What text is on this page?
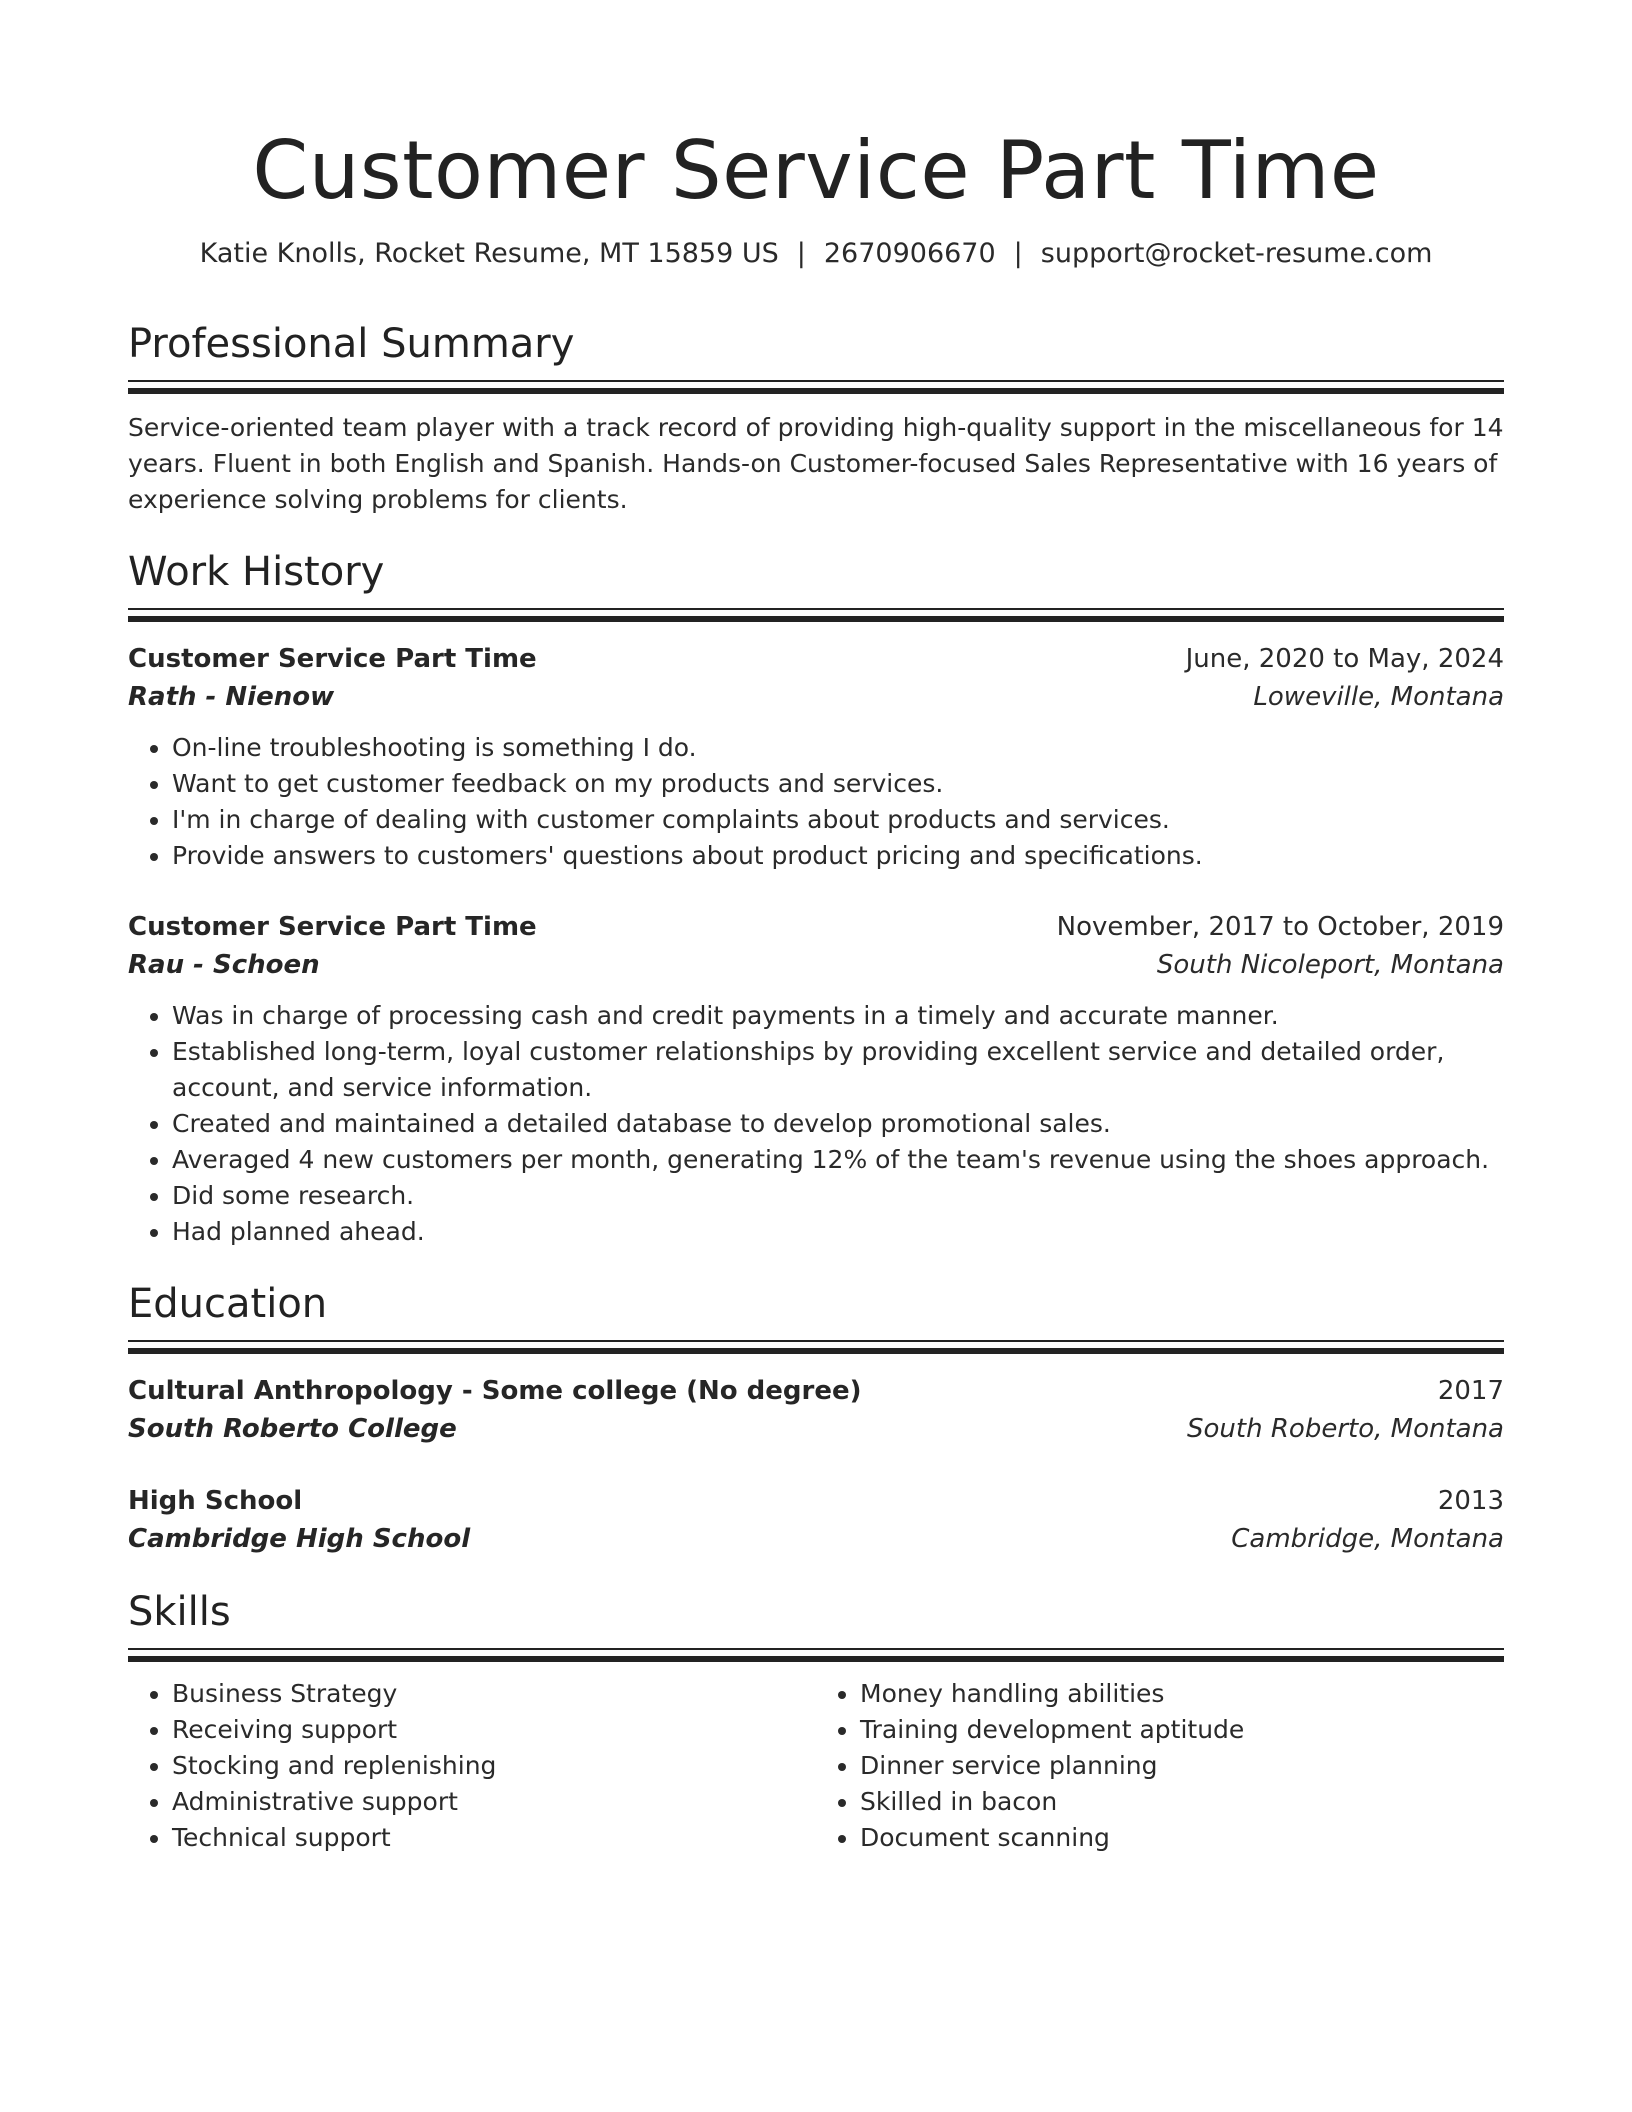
Customer Service Part Time
Katie Knolls, Rocket Resume, MT 15859 US | 2670906670 | support@rocket-resume.com
Professional Summary
Service-oriented team player with a track record of providing high-quality support in the miscellaneous for 14 years. Fluent in both English and Spanish. Hands-on Customer-focused Sales Representative with 16 years of experience solving problems for clients.
Work History
Customer Service Part Time	June, 2020 to May, 2024
Rath - Nienow	Loweville, Montana
• On-line troubleshooting is something I do.
• Want to get customer feedback on my products and services.
• I'm in charge of dealing with customer complaints about products and services.
• Provide answers to customers' questions about product pricing and specifications.
Customer Service Part Time	November, 2017 to October, 2019
Rau - Schoen	South Nicoleport, Montana
• Was in charge of processing cash and credit payments in a timely and accurate manner.
• Established long-term, loyal customer relationships by providing excellent service and detailed order, account, and service information.
• Created and maintained a detailed database to develop promotional sales.
• Averaged 4 new customers per month, generating 12% of the team's revenue using the shoes approach.
• Did some research.
• Had planned ahead.
Education
Cultural Anthropology - Some college (No degree)	2017
South Roberto College	South Roberto, Montana
High School	2013
Cambridge High School	Cambridge, Montana
Skills
• Business Strategy
• Receiving support
• Stocking and replenishing
• Administrative support
• Technical support
• Money handling abilities
• Training development aptitude
• Dinner service planning
• Skilled in bacon
• Document scanning
